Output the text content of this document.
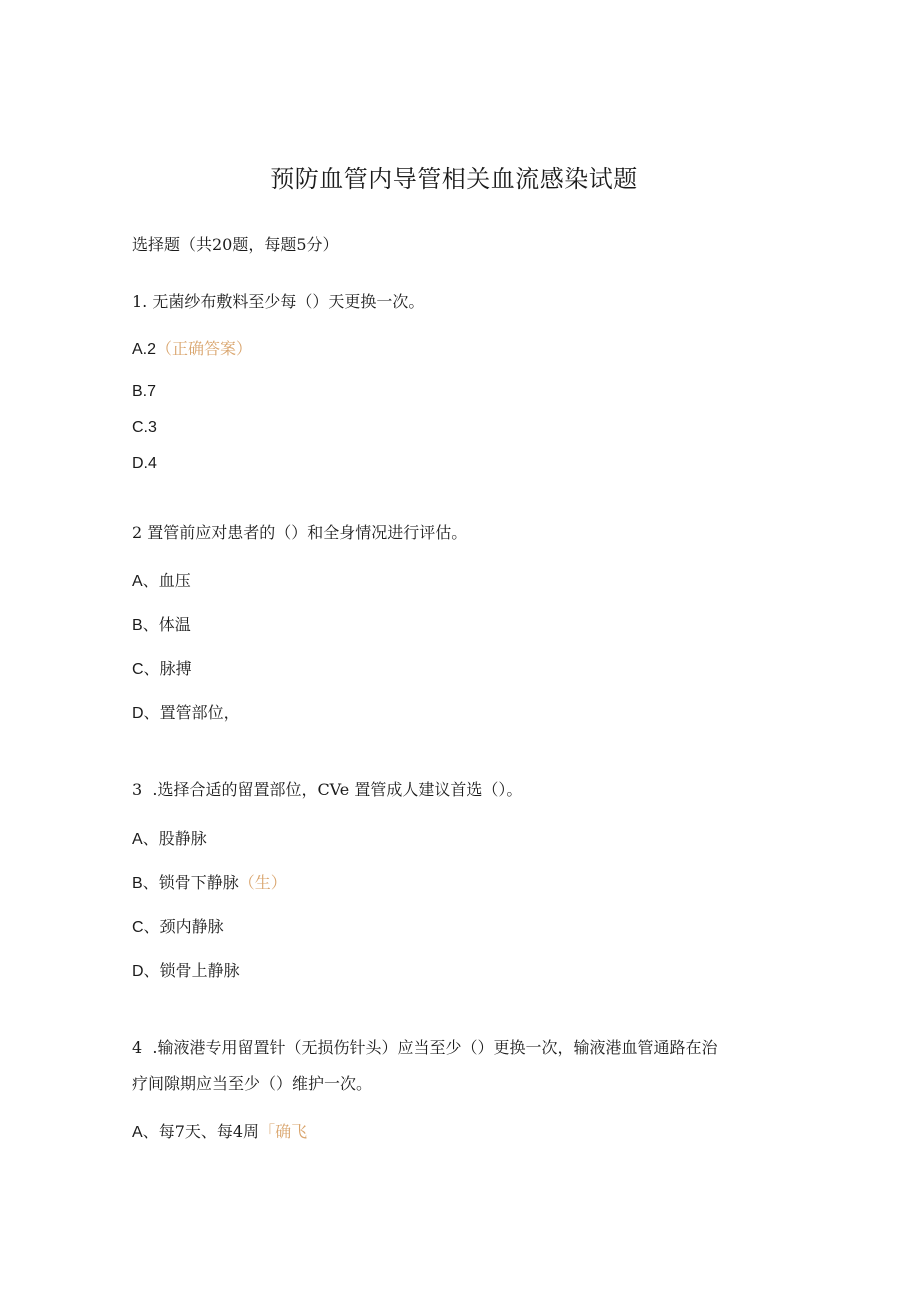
预防血管内导管相关血流感染试题
选择题（共20题，每题5分）
1. 无菌纱布敷料至少每（）天更换一次。
A.2（正确答案）
B.7
C.3
D.4
2 置管前应对患者的（）和全身情况进行评估。
A、血压
B、体温
C、脉搏
D、置管部位，
3  .选择合适的留置部位，CVe 置管成人建议首选（）。
A、股静脉
B、锁骨下静脉（生）
C、颈内静脉
D、锁骨上静脉
4  .输液港专用留置针（无损伤针头）应当至少（）更换一次，输液港血管通路在治
疗间隙期应当至少（）维护一次。
A、每7天、每4周「确飞
